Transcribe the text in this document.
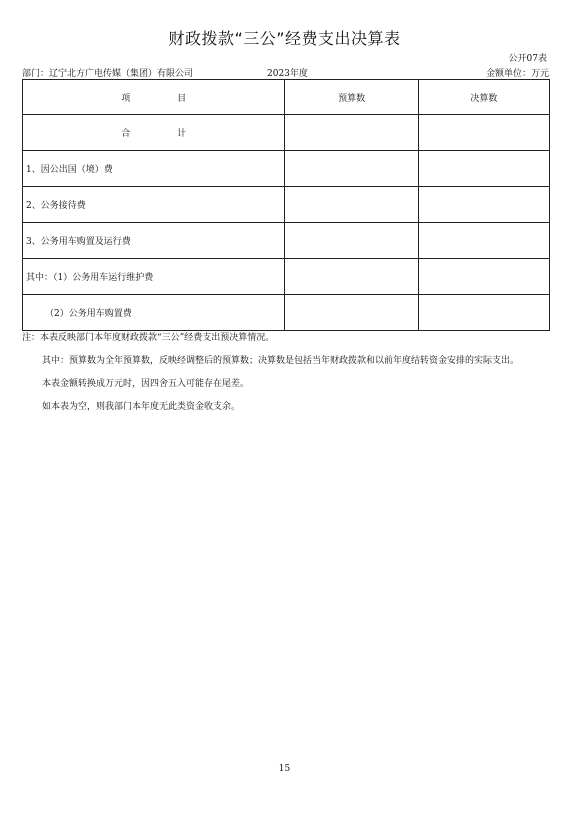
财政拨款“三公”经费支出决算表
公开07表
部门：辽宁北方广电传媒（集团）有限公司	2023年度	金额单位：万元
项 目	预算数	决算数
合 计		
1、因公出国（境）费		
2、公务接待费		
3、公务用车购置及运行费		
其中：（1）公务用车运行维护费		
（2）公务用车购置费		

注：本表反映部门本年度财政拨款“三公”经费支出预决算情况。

其中：预算数为全年预算数，反映经调整后的预算数；决算数是包括当年财政拨款和以前年度结转资金安排的实际支出。

本表金额转换成万元时，因四舍五入可能存在尾差。

如本表为空，则我部门本年度无此类资金收支余。

15
